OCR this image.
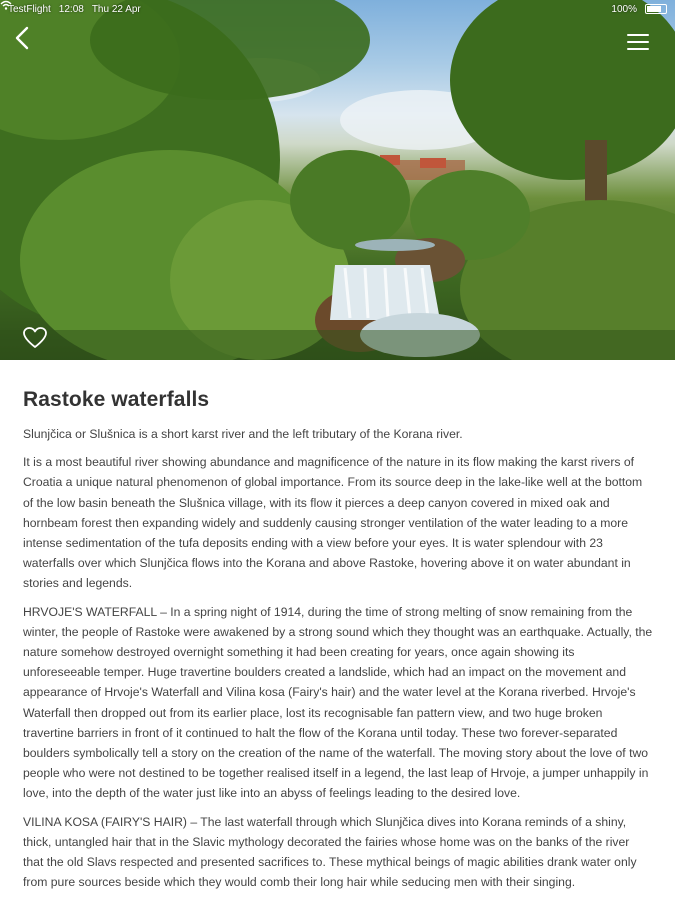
TestFlight 12:08 Thu 22 Apr	100%
Rastoke waterfalls

Slunjčica or Slušnica is a short karst river and the left tributary of the Korana river.

It is a most beautiful river showing abundance and magnificence of the nature in its flow making the karst rivers of Croatia a unique natural phenomenon of global importance. From its source deep in the lake-like well at the bottom of the low basin beneath the Slušnica village, with its flow it pierces a deep canyon covered in mixed oak and hornbeam forest then expanding widely and suddenly causing stronger ventilation of the water leading to a more intense sedimentation of the tufa deposits ending with a view before your eyes. It is water splendour with 23 waterfalls over which Slunjčica flows into the Korana and above Rastoke, hovering above it on water abundant in stories and legends.

HRVOJE'S WATERFALL – In a spring night of 1914, during the time of strong melting of snow remaining from the winter, the people of Rastoke were awakened by a strong sound which they thought was an earthquake. Actually, the nature somehow destroyed overnight something it had been creating for years, once again showing its unforeseeable temper. Huge travertine boulders created a landslide, which had an impact on the movement and appearance of Hrvoje's Waterfall and Vilina kosa (Fairy's hair) and the water level at the Korana riverbed. Hrvoje's Waterfall then dropped out from its earlier place, lost its recognisable fan pattern view, and two huge broken travertine barriers in front of it continued to halt the flow of the Korana until today. These two forever-separated boulders symbolically tell a story on the creation of the name of the waterfall. The moving story about the love of two people who were not destined to be together realised itself in a legend, the last leap of Hrvoje, a jumper unhappily in love, into the depth of the water just like into an abyss of feelings leading to the desired love.

VILINA KOSA (FAIRY'S HAIR) – The last waterfall through which Slunjčica dives into Korana reminds of a shiny, thick, untangled hair that in the Slavic mythology decorated the fairies whose home was on the banks of the river that the old Slavs respected and presented sacrifices to. These mythical beings of magic abilities drank water only from pure sources beside which they would comb their long hair while seducing men with their singing.
